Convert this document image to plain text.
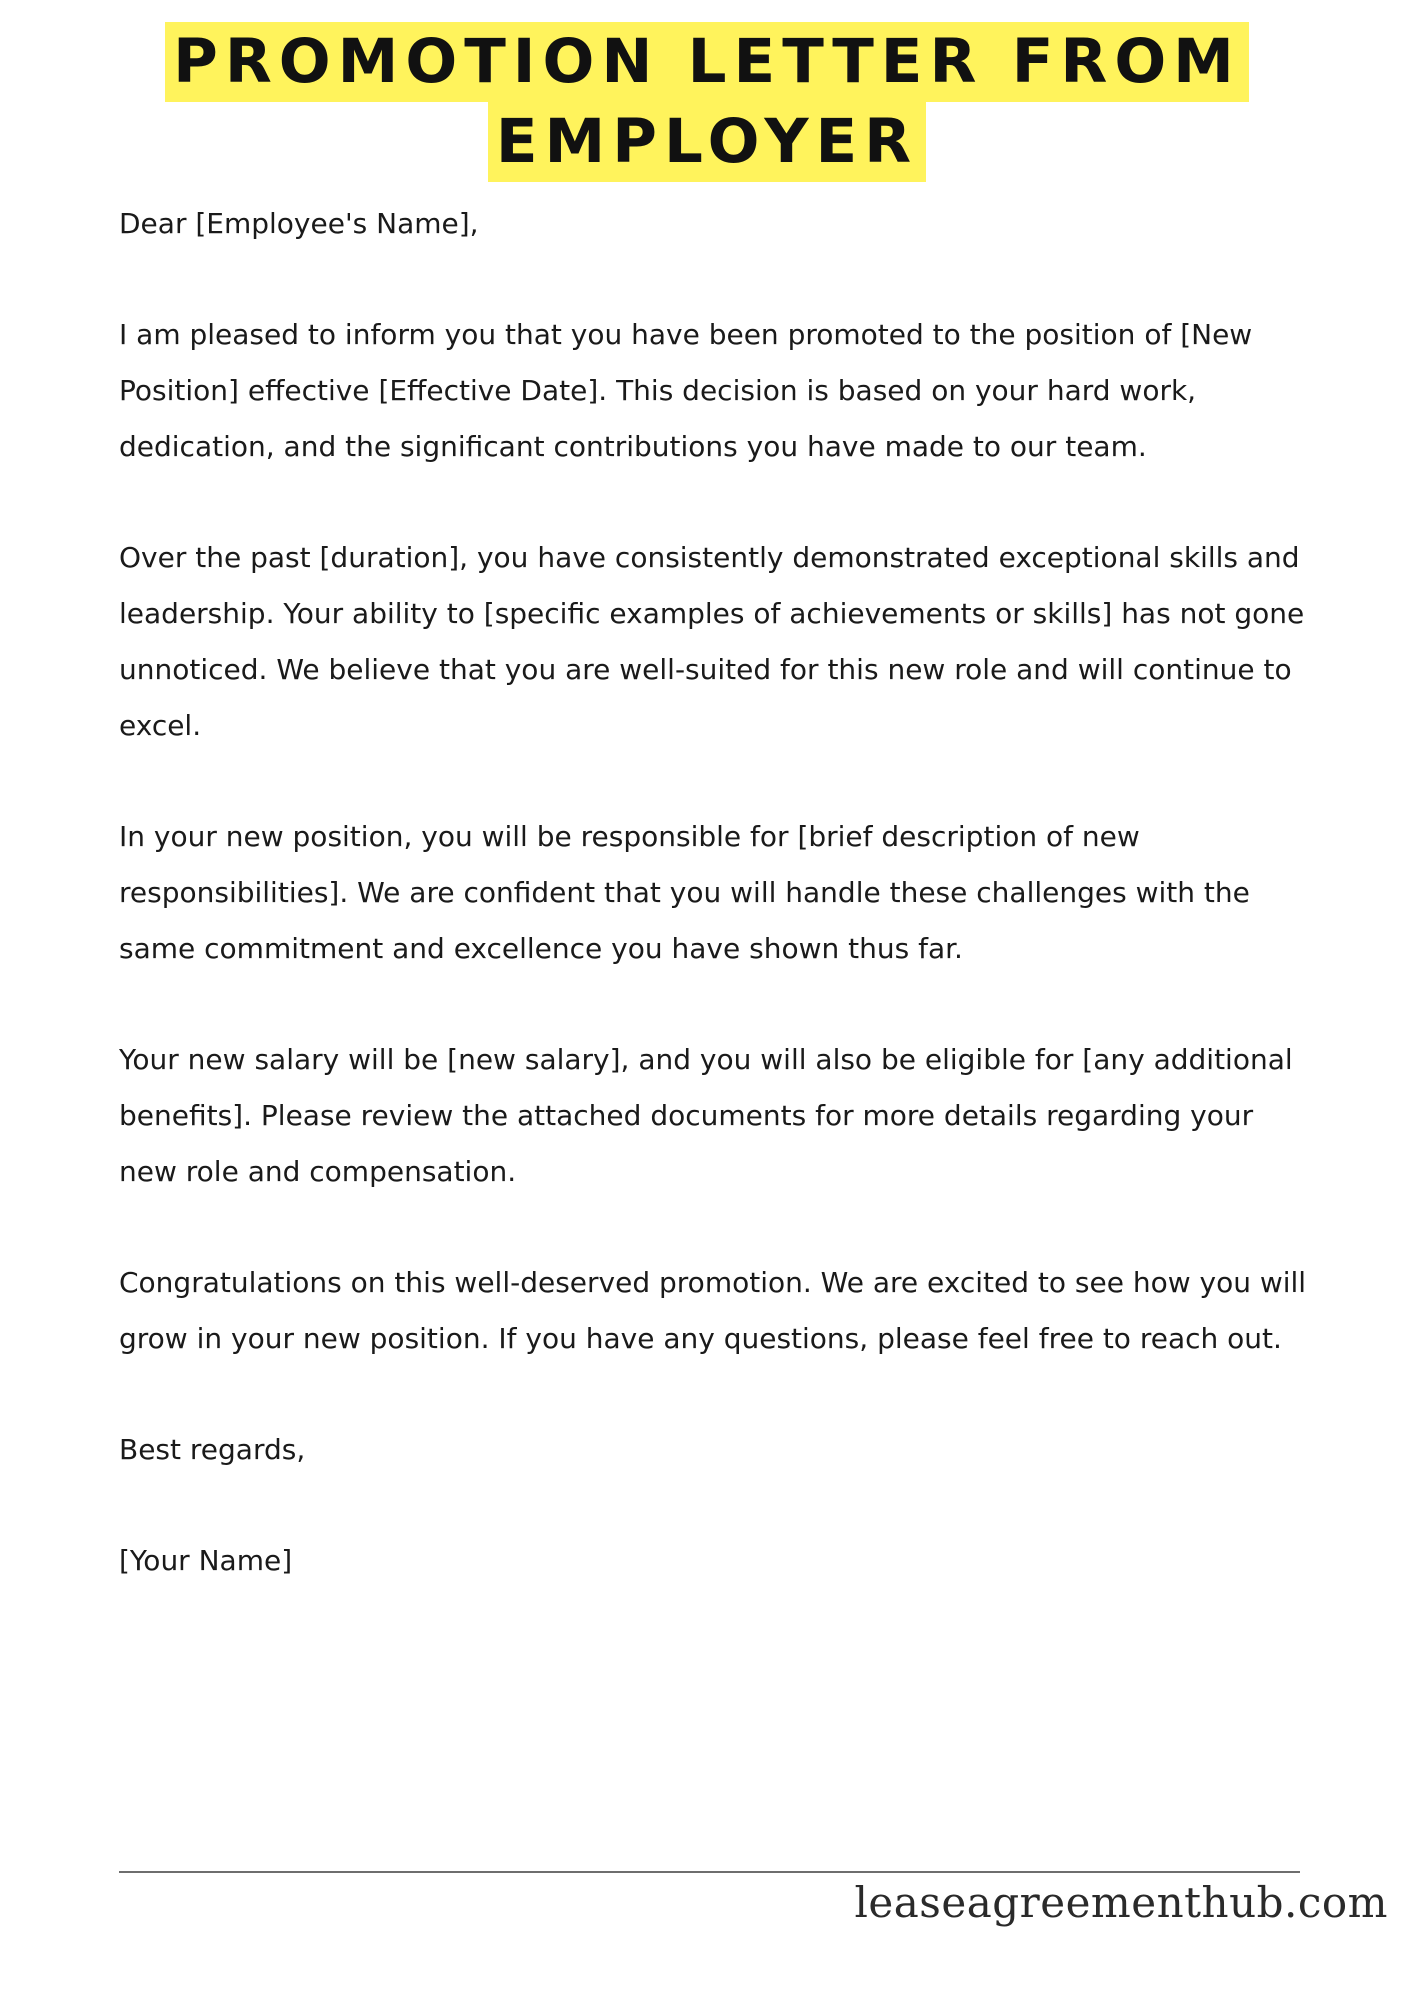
PROMOTION LETTER FROM
EMPLOYER

Dear [Employee's Name],

I am pleased to inform you that you have been promoted to the position of [New Position] effective [Effective Date]. This decision is based on your hard work, dedication, and the significant contributions you have made to our team.

Over the past [duration], you have consistently demonstrated exceptional skills and leadership. Your ability to [specific examples of achievements or skills] has not gone unnoticed. We believe that you are well-suited for this new role and will continue to excel.

In your new position, you will be responsible for [brief description of new responsibilities]. We are confident that you will handle these challenges with the same commitment and excellence you have shown thus far.

Your new salary will be [new salary], and you will also be eligible for [any additional benefits]. Please review the attached documents for more details regarding your new role and compensation.

Congratulations on this well-deserved promotion. We are excited to see how you will grow in your new position. If you have any questions, please feel free to reach out.

Best regards,

[Your Name]

leaseagreementhub.com
